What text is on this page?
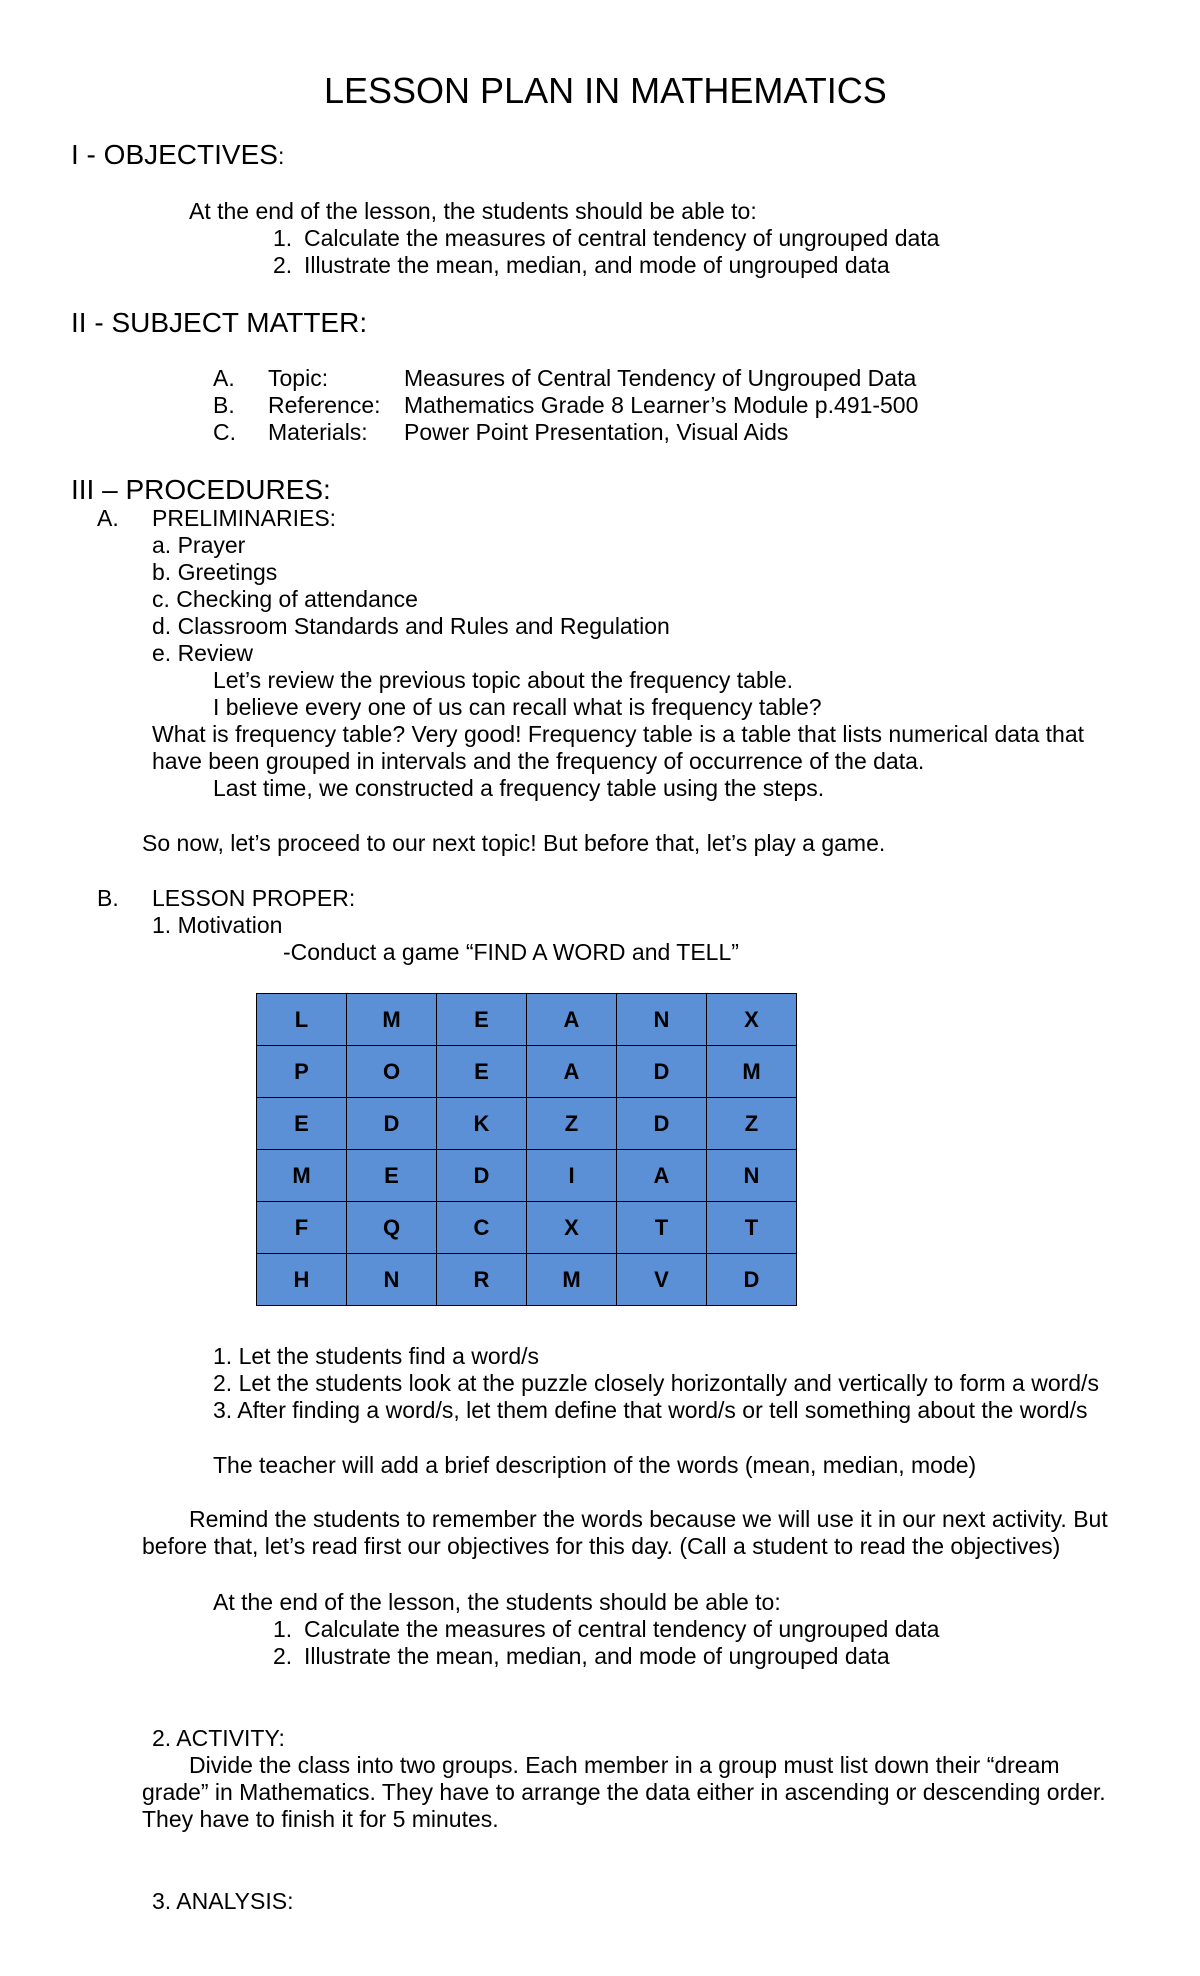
LESSON PLAN IN MATHEMATICS
I - OBJECTIVES:
At the end of the lesson, the students should be able to:
1. Calculate the measures of central tendency of ungrouped data
2. Illustrate the mean, median, and mode of ungrouped data
II - SUBJECT MATTER:
A. Topic:	Measures of Central Tendency of Ungrouped Data
B. Reference: Mathematics Grade 8 Learner’s Module p.491-500
C. Materials: Power Point Presentation, Visual Aids
III – PROCEDURES:
A. PRELIMINARIES:
a. Prayer
b. Greetings
c. Checking of attendance
d. Classroom Standards and Rules and Regulation
e. Review
Let’s review the previous topic about the frequency table.
I believe every one of us can recall what is frequency table?
What is frequency table? Very good! Frequency table is a table that lists numerical data that
have been grouped in intervals and the frequency of occurrence of the data.
Last time, we constructed a frequency table using the steps.
So now, let’s proceed to our next topic! But before that, let’s play a game.
B. LESSON PROPER:
1. Motivation
-Conduct a game “FIND A WORD and TELL”
L	M	E	A	N	X
P	O	E	A	D	M
E	D	K	Z	D	Z
M	E	D	I	A	N
F	Q	C	X	T	T
H	N	R	M	V	D
1. Let the students find a word/s
2. Let the students look at the puzzle closely horizontally and vertically to form a word/s
3. After finding a word/s, let them define that word/s or tell something about the word/s
The teacher will add a brief description of the words (mean, median, mode)
Remind the students to remember the words because we will use it in our next activity. But
before that, let’s read first our objectives for this day. (Call a student to read the objectives)
At the end of the lesson, the students should be able to:
1. Calculate the measures of central tendency of ungrouped data
2. Illustrate the mean, median, and mode of ungrouped data
2. ACTIVITY:
Divide the class into two groups. Each member in a group must list down their “dream
grade” in Mathematics. They have to arrange the data either in ascending or descending order.
They have to finish it for 5 minutes.
3. ANALYSIS:
